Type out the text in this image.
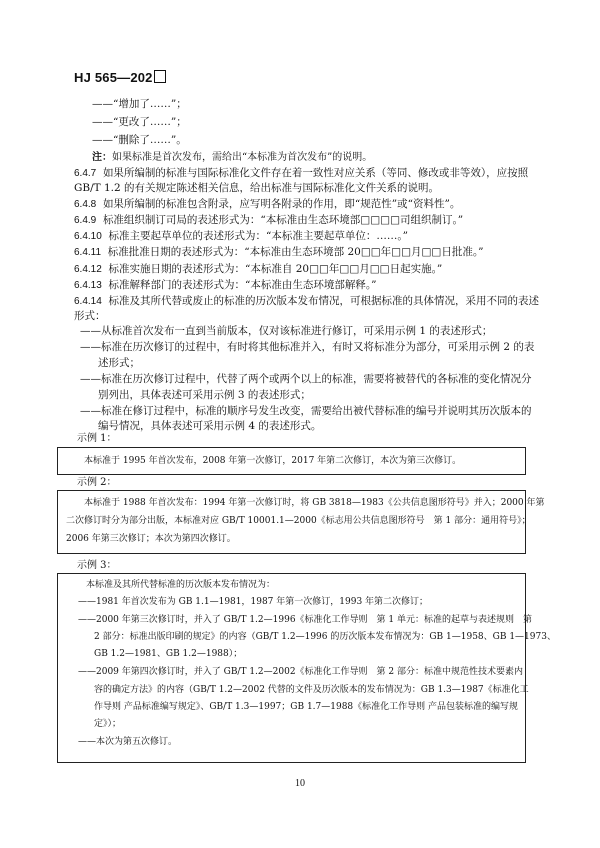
HJ 565—202
——“增加了……”；
——“更改了……”；
——“删除了……”。
注：如果标准是首次发布，需给出“本标准为首次发布”的说明。
6.4.7 如果所编制的标准与国际标准化文件存在着一致性对应关系（等同、修改或非等效），应按照
GB/T 1.2 的有关规定陈述相关信息，给出标准与国际标准化文件关系的说明。
6.4.8 如果所编制的标准包含附录，应写明各附录的作用，即“规范性”或“资料性”。
6.4.9 标准组织制订司局的表述形式为：“本标准由生态环境部□□□□司组织制订。”
6.4.10 标准主要起草单位的表述形式为：“本标准主要起草单位：……。”
6.4.11 标准批准日期的表述形式为：“本标准由生态环境部 20□□年□□月□□日批准。”
6.4.12 标准实施日期的表述形式为：“本标准自 20□□年□□月□□日起实施。”
6.4.13 标准解释部门的表述形式为：“本标准由生态环境部解释。”
6.4.14 标准及其所代替或废止的标准的历次版本发布情况，可根据标准的具体情况，采用不同的表述
形式：
——从标准首次发布一直到当前版本，仅对该标准进行修订，可采用示例 1 的表述形式；
——标准在历次修订的过程中，有时将其他标准并入，有时又将标准分为部分，可采用示例 2 的表
述形式；
——标准在历次修订过程中，代替了两个或两个以上的标准，需要将被替代的各标准的变化情况分
别列出，具体表述可采用示例 3 的表述形式；
——标准在修订过程中，标准的顺序号发生改变，需要给出被代替标准的编号并说明其历次版本的
编号情况，具体表述可采用示例 4 的表述形式。
示例 1：
本标准于 1995 年首次发布，2008 年第一次修订，2017 年第二次修订，本次为第三次修订。
示例 2：
本标准于 1988 年首次发布：1994 年第一次修订时，将 GB 3818—1983《公共信息图形符号》并入；2000 年第
二次修订时分为部分出版，本标准对应 GB/T 10001.1—2000《标志用公共信息图形符号　第 1 部分：通用符号》；
2006 年第三次修订；本次为第四次修订。
示例 3：
本标准及其所代替标准的历次版本发布情况为：
——1981 年首次发布为 GB 1.1—1981，1987 年第一次修订，1993 年第二次修订；
——2000 年第三次修订时，并入了 GB/T 1.2—1996《标准化工作导则　第 1 单元：标准的起草与表述规则　第
2 部分：标准出版印刷的规定》的内容（GB/T 1.2—1996 的历次版本发布情况为：GB 1—1958、GB 1—1973、
GB 1.2—1981、GB 1.2—1988）；
——2009 年第四次修订时，并入了 GB/T 1.2—2002《标准化工作导则　第 2 部分：标准中规范性技术要素内
容的确定方法》的内容（GB/T 1.2—2002 代替的文件及历次版本的发布情况为：GB 1.3—1987《标准化工
作导则 产品标准编写规定》、GB/T 1.3—1997；GB 1.7—1988《标准化工作导则 产品包装标准的编写规
定》）；
——本次为第五次修订。
10
